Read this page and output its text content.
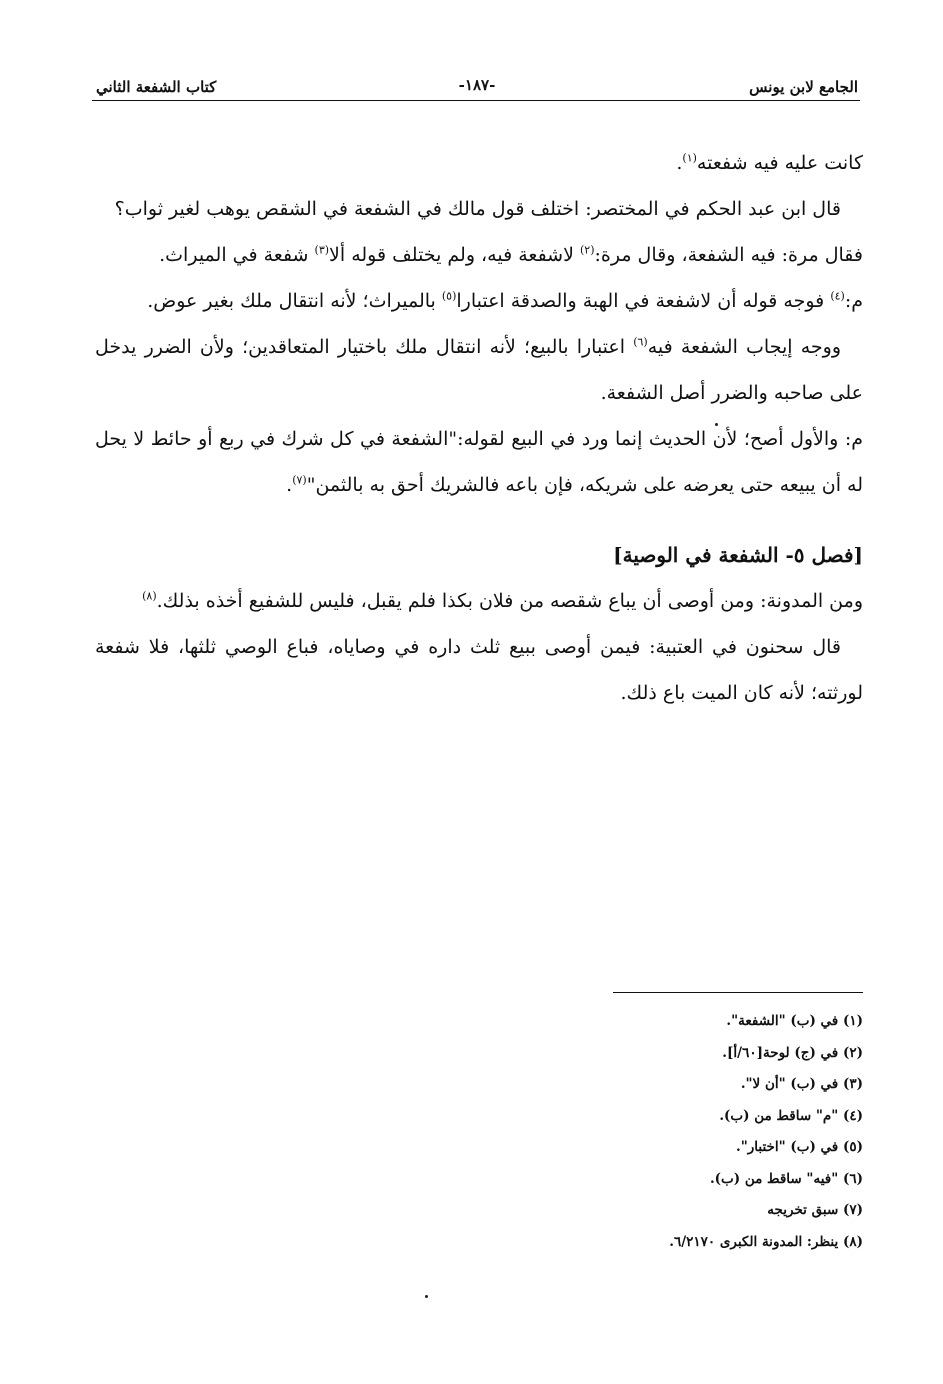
الجامع لابن يونس
-١٨٧-
كتاب الشفعة الثاني

كانت عليه فيه شفعته$^{(١)}$.

قال ابن عبد الحكم في المختصر: اختلف قول مالك في الشفعة في الشقص يوهب لغير ثواب؟

فقال مرة: فيه الشفعة، وقال مرة:$^{(٢)}$ لاشفعة فيه، ولم يختلف قوله ألا$^{(٣)}$ شفعة في الميراث.

م:$^{(٤)}$ فوجه قوله أن لاشفعة في الهبة والصدقة اعتبارا$^{(٥)}$ بالميراث؛ لأنه انتقال ملك بغير عوض.

ووجه إيجاب الشفعة فيه$^{(٦)}$ اعتبارا بالبيع؛ لأنه انتقال ملك باختيار المتعاقدين؛ ولأن الضرر يدخل على صاحبه والضرر أصل الشفعة.

م: والأول أصح؛ لأن الحديث إنما ورد في البيع لقوله:"الشفعة في كل شرك في ربع أو حائط لا يحل له أن يبيعه حتى يعرضه على شريكه، فإن باعه فالشريك أحق به بالثمن"$^{(٧)}$.

[فصل ٥- الشفعة في الوصية]

ومن المدونة: ومن أوصى أن يباع شقصه من فلان بكذا فلم يقبل، فليس للشفيع أخذه بذلك.$^{(٨)}$

قال سحنون في العتبية: فيمن أوصى ببيع ثلث داره في وصاياه، فباع الوصي ثلثها، فلا شفعة لورثته؛ لأنه كان الميت باع ذلك.

(١) في (ب) "الشفعة".
(٢) في (ج) لوحة[٦٠/أ].
(٣) في (ب) "أن لا".
(٤) "م" ساقط من (ب).
(٥) في (ب) "اختبار".
(٦) "فيه" ساقط من (ب).
(٧) سبق تخريجه
(٨) ينظر: المدونة الكبرى ٦/٢١٧٠.
